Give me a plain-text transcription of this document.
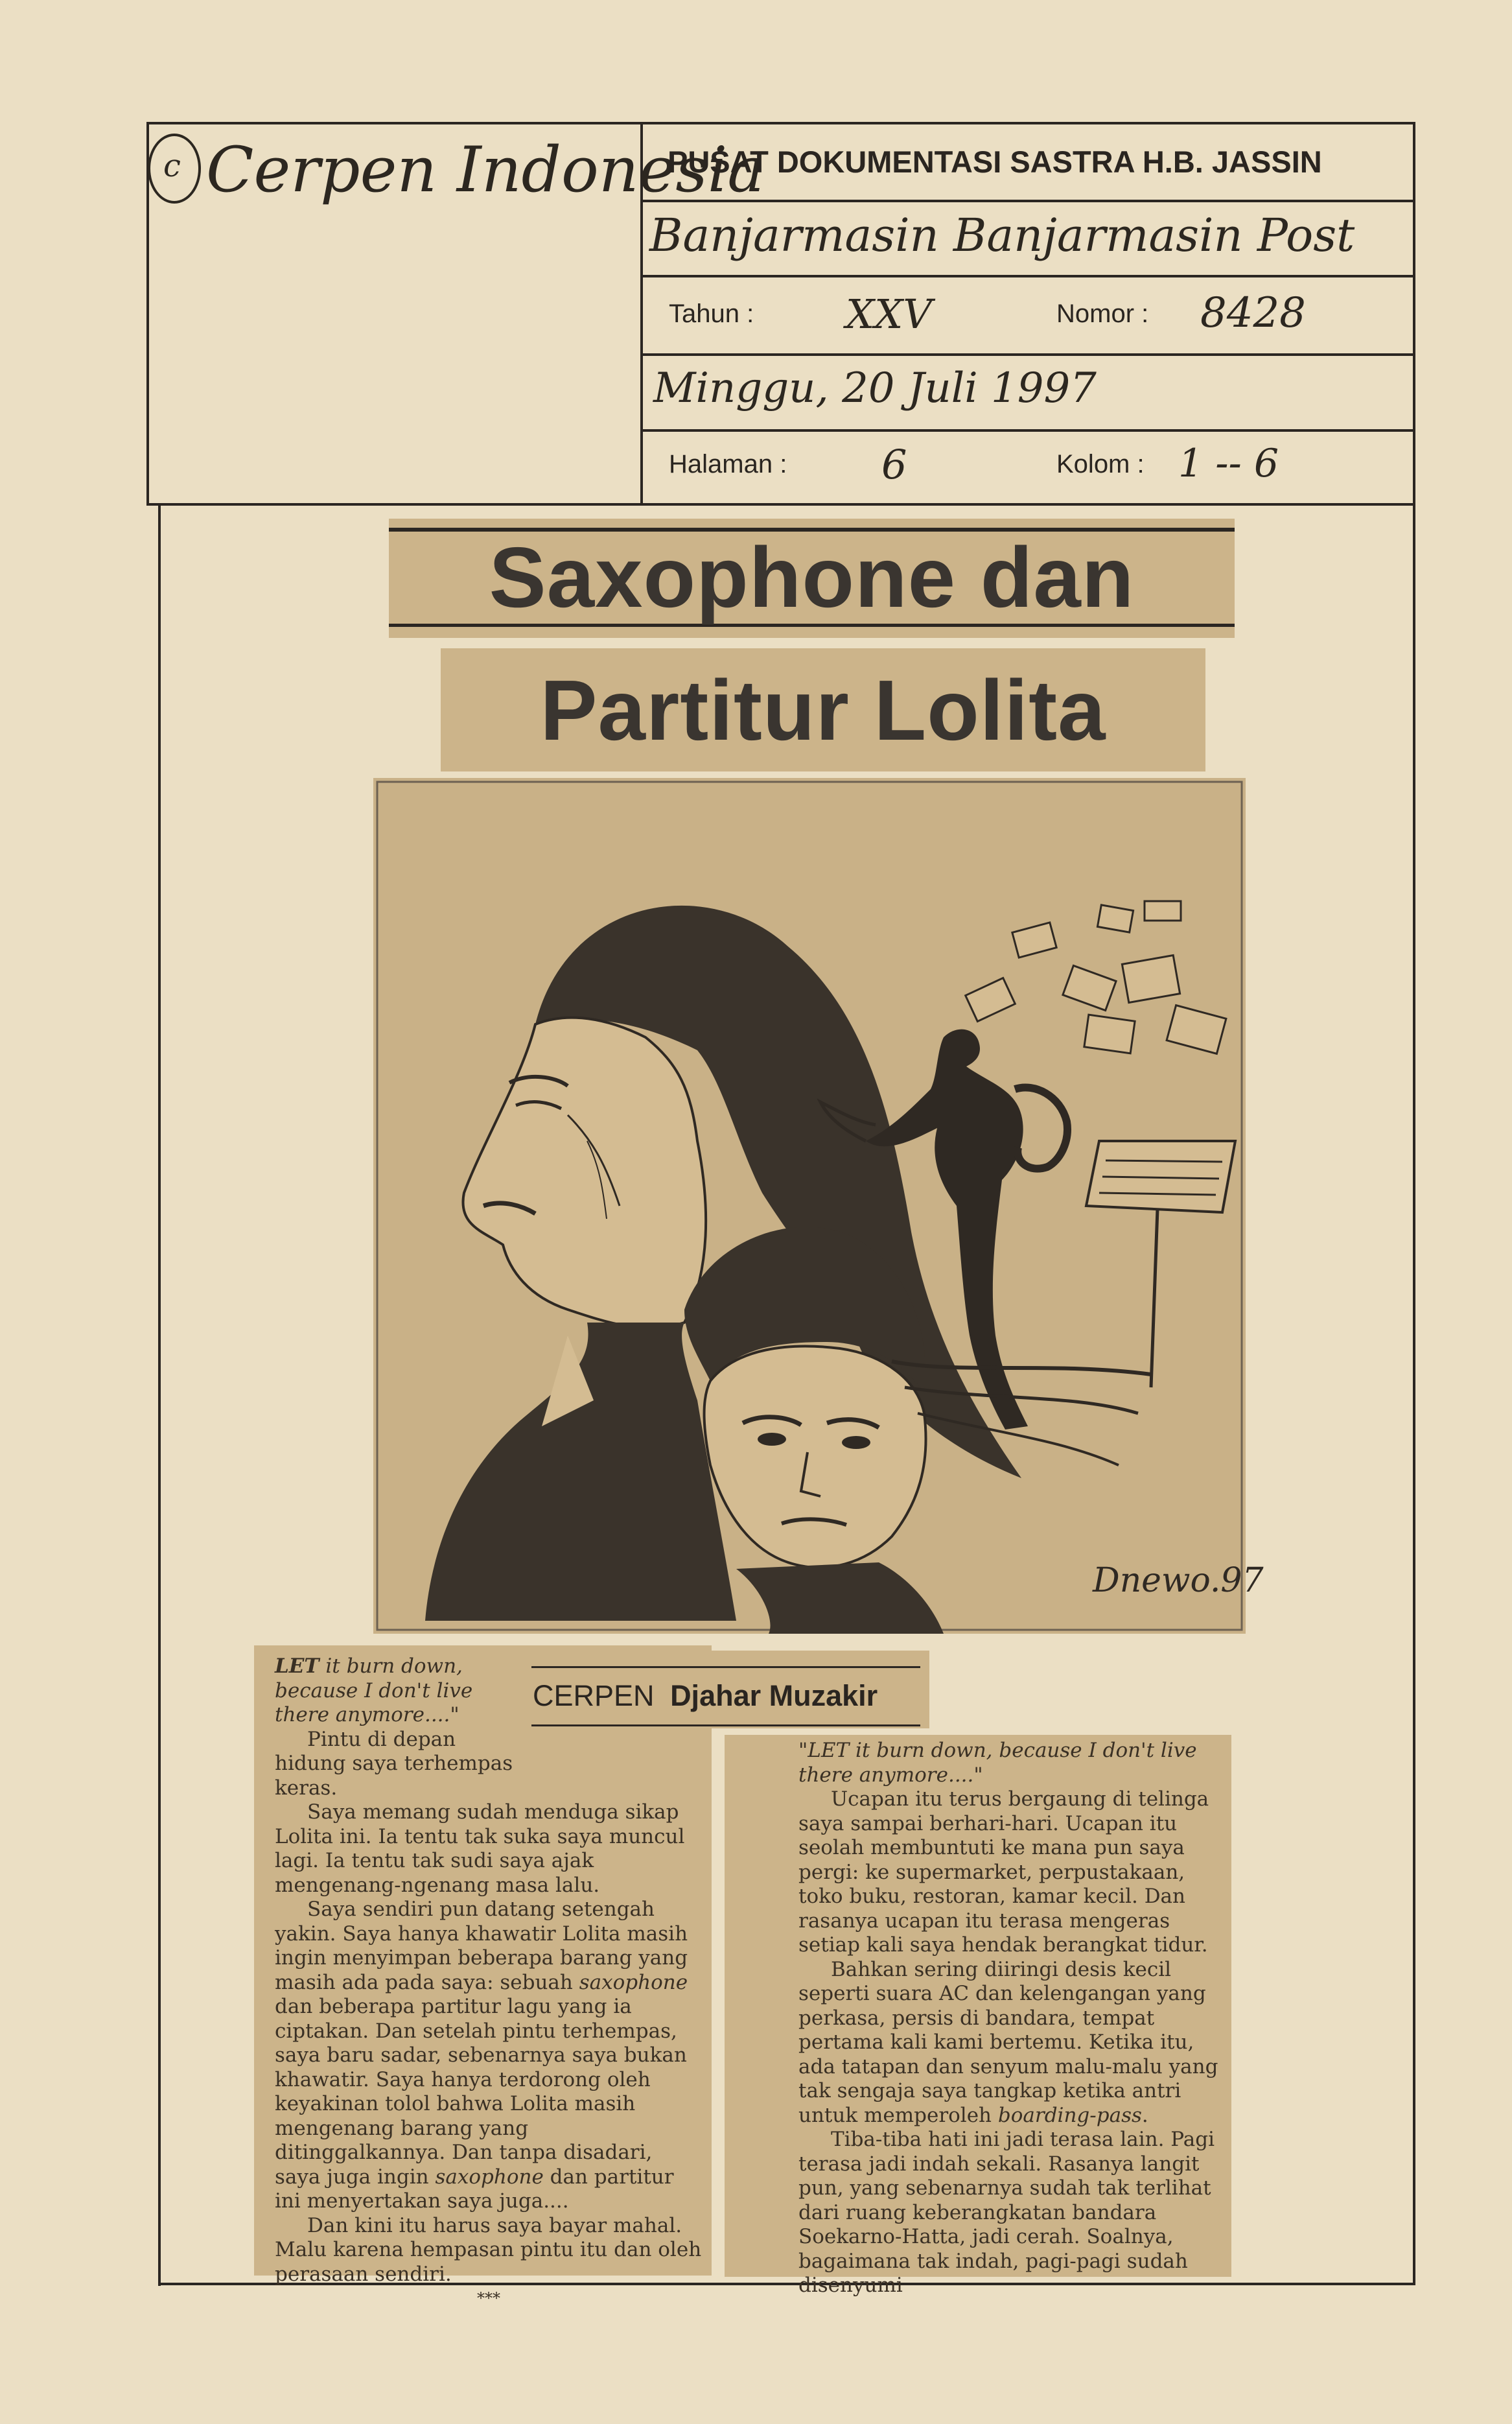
c Cerpen Indonesia
PUSAT DOKUMENTASI SASTRA H.B. JASSIN
Banjarmasin Banjarmasin Post
Tahun : XXV	Nomor : 8428
Minggu, 20 Juli 1997
Halaman : 6	Kolom : 1 -- 6
Saxophone dan
Partitur Lolita
Dnewo.97
CERPEN Djahar Muzakir

LET it burn down, because I don't live there anymore...."

Pintu di depan hidung saya terhempas keras.

Saya memang sudah menduga sikap Lolita ini. Ia tentu tak suka saya muncul lagi. Ia tentu tak sudi saya ajak mengenang-ngenang masa lalu.

Saya sendiri pun datang setengah yakin. Saya hanya khawatir Lolita masih ingin menyimpan beberapa barang yang masih ada pada saya: sebuah saxophone dan beberapa partitur lagu yang ia ciptakan. Dan setelah pintu terhempas, saya baru sadar, sebenarnya saya bukan khawatir. Saya hanya terdorong oleh keyakinan tolol bahwa Lolita masih mengenang barang yang ditinggalkannya. Dan tanpa disadari, saya juga ingin saxophone dan partitur ini menyertakan saya juga....

Dan kini itu harus saya bayar mahal. Malu karena hempasan pintu itu dan oleh perasaan sendiri.

***

"LET it burn down, because I don't live there anymore...."

Ucapan itu terus bergaung di telinga saya sampai berhari-hari. Ucapan itu seolah membuntuti ke mana pun saya pergi: ke supermarket, perpustakaan, toko buku, restoran, kamar kecil. Dan rasanya ucapan itu terasa mengeras setiap kali saya hendak berangkat tidur.

Bahkan sering diiringi desis kecil seperti suara AC dan kelengangan yang perkasa, persis di bandara, tempat pertama kali kami bertemu. Ketika itu, ada tatapan dan senyum malu-malu yang tak sengaja saya tangkap ketika antri untuk memperoleh boarding-pass.

Tiba-tiba hati ini jadi terasa lain. Pagi terasa jadi indah sekali. Rasanya langit pun, yang sebenarnya sudah tak terlihat dari ruang keberangkatan bandara Soekarno-Hatta, jadi cerah. Soalnya, bagaimana tak indah, pagi-pagi sudah disenyumi
